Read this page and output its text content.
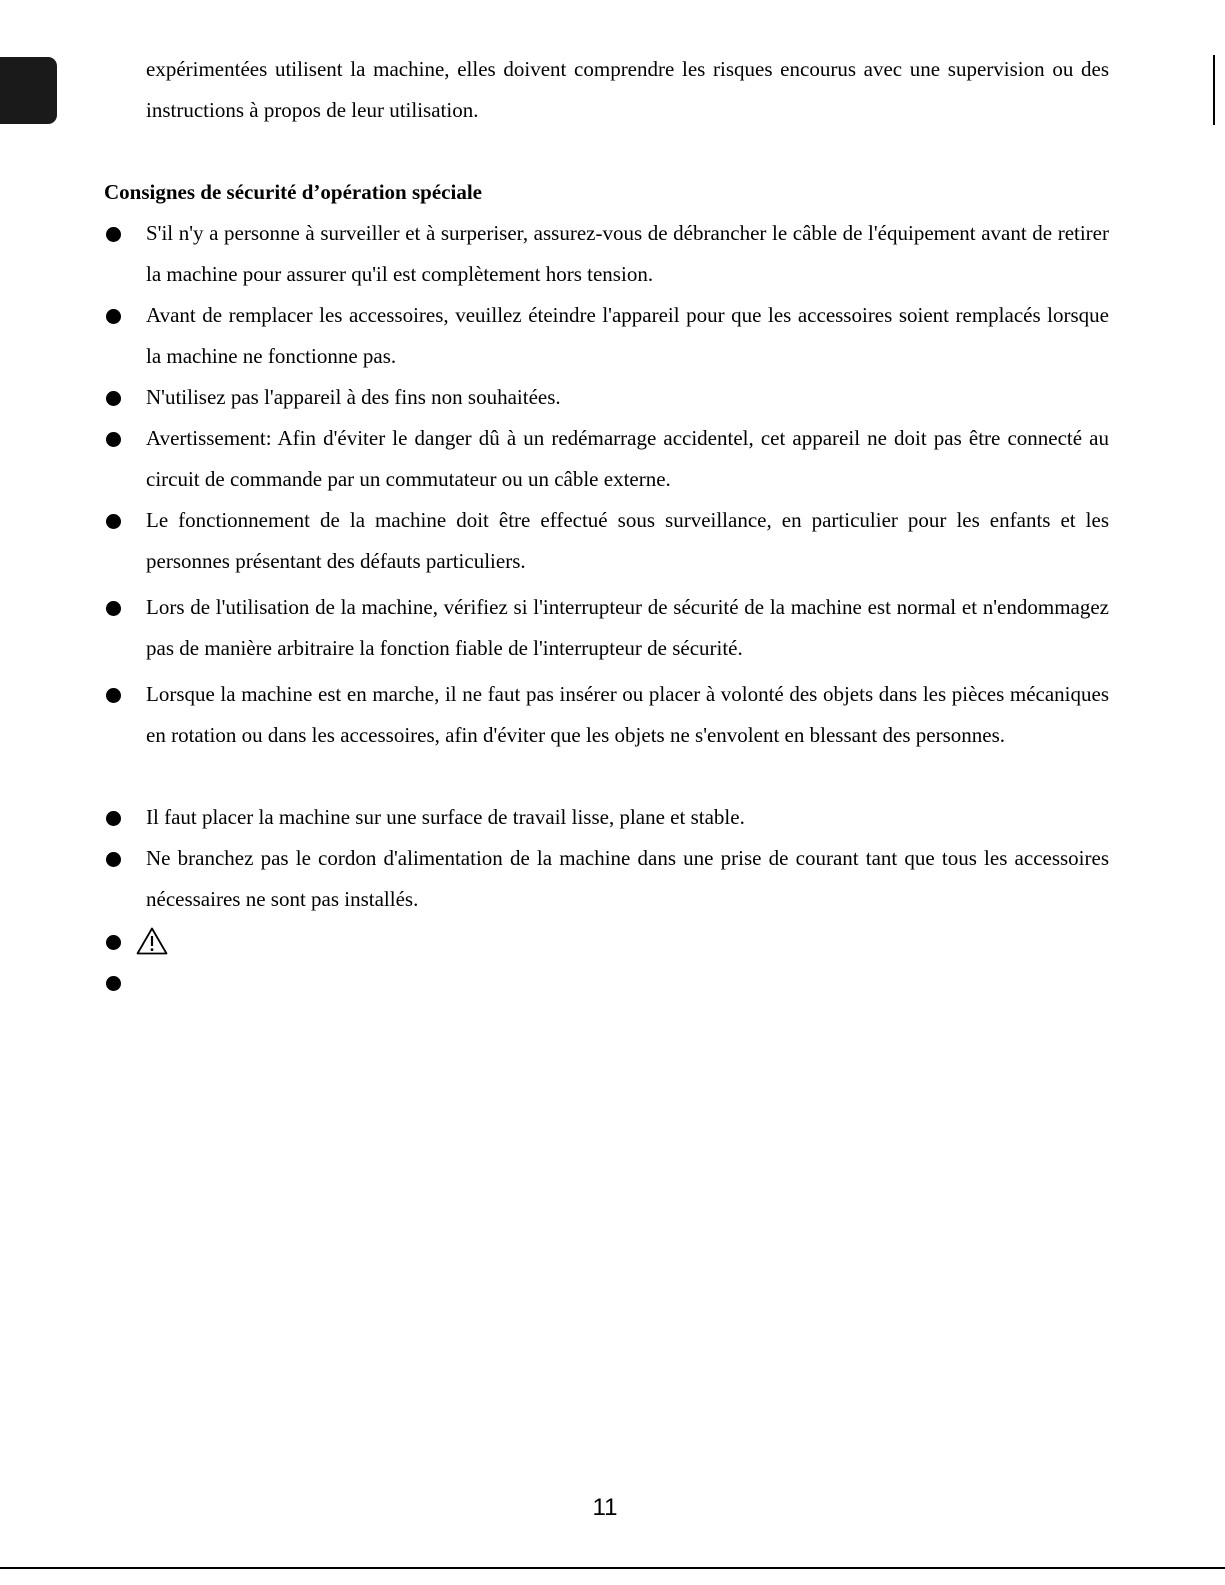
expérimentées utilisent la machine, elles doivent comprendre les risques encourus avec une supervision ou des instructions à propos de leur utilisation.

Consignes de sécurité d’opération spéciale
S'il n'y a personne à surveiller et à surperiser, assurez-vous de débrancher le câble de l'équipement avant de retirer la machine pour assurer qu'il est complètement hors tension.
Avant de remplacer les accessoires, veuillez éteindre l'appareil pour que les accessoires soient remplacés lorsque la machine ne fonctionne pas.
N'utilisez pas l'appareil à des fins non souhaitées.
Avertissement: Afin d'éviter le danger dû à un redémarrage accidentel, cet appareil ne doit pas être connecté au circuit de commande par un commutateur ou un câble externe.
Le fonctionnement de la machine doit être effectué sous surveillance, en particulier pour les enfants et les personnes présentant des défauts particuliers.
Lors de l'utilisation de la machine, vérifiez si l'interrupteur de sécurité de la machine est normal et n'endommagez pas de manière arbitraire la fonction fiable de l'interrupteur de sécurité.
Lorsque la machine est en marche, il ne faut pas insérer ou placer à volonté des objets dans les pièces mécaniques en rotation ou dans les accessoires, afin d'éviter que les objets ne s'envolent en blessant des personnes.
Il faut placer la machine sur une surface de travail lisse, plane et stable.
Ne branchez pas le cordon d'alimentation de la machine dans une prise de courant tant que tous les accessoires nécessaires ne sont pas installés.
11
